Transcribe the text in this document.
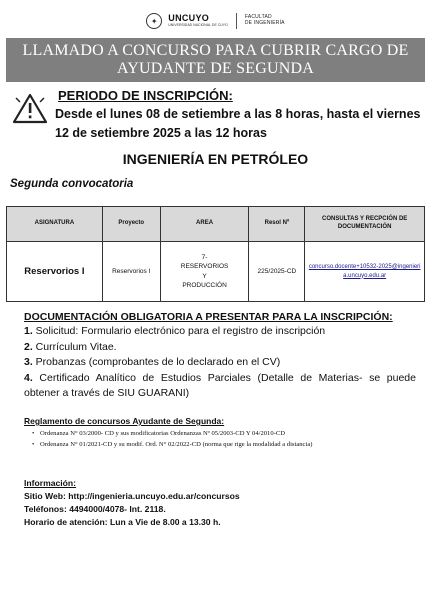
✦	UNCUYO
UNIVERSIDAD NACIONAL DE CUYO
FACULTAD
DE INGENIERÍA
LLAMADO A CONCURSO PARA CUBRIR CARGO DE
AYUDANTE DE SEGUNDA
PERIODO DE INSCRIPCIÓN:
Desde el lunes 08 de setiembre a las 8 horas, hasta el viernes 12 de setiembre 2025 a las 12 horas
INGENIERÍA EN PETRÓLEO
Segunda convocatoria
ASIGNATURA	Proyecto	AREA	Resol Nº	CONSULTAS Y RECPCIÓN DE DOCUMENTACIÓN
Reservorios I	Reservorios I	7-
RESERVORIOS
Y
PRODUCCIÓN	225/2025-CD	concurso.docente+10532-2025@ingenieria.uncuyo.edu.ar
DOCUMENTACIÓN OBLIGATORIA A PRESENTAR PARA LA INSCRIPCIÓN:
1. Solicitud: Formulario electrónico para el registro de inscripción
2. Currículum Vitae.
3. Probanzas (comprobantes de lo declarado en el CV)
4. Certificado Analítico de Estudios Parciales (Detalle de Materias- se puede obtener a través de SIU GUARANI)
Reglamento de concursos Ayudante de Segunda:
• Ordenanza N° 03/2000- CD y sus modificatorias Ordenanzas Nº 05/2003-CD Y 04/2010-CD
• Ordenanza N° 01/2021-CD y su modif. Ord. N° 02/2022-CD (norma que rige la modalidad a distancia)
Información:
Sitio Web: http://ingenieria.uncuyo.edu.ar/concursos
Teléfonos: 4494000/4078- Int. 2118.
Horario de atención: Lun a Vie de 8.00 a 13.30 h.
